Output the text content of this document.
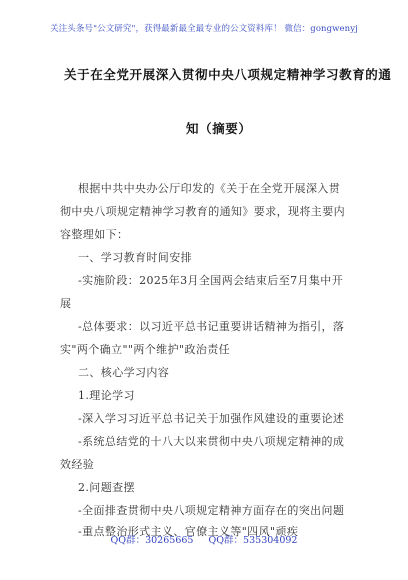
关注头条号"公文研究"，获得最新最全最专业的公文资料库！ 微信：gongwenyj
关于在全党开展深入贯彻中央八项规定精神学习教育的通
知（摘要）
根据中共中央办公厅印发的《关于在全党开展深入贯
彻中央八项规定精神学习教育的通知》要求，现将主要内
容整理如下：
一、学习教育时间安排
-实施阶段：2025年3月全国两会结束后至7月集中开
展
-总体要求：以习近平总书记重要讲话精神为指引，落
实"两个确立""两个维护"政治责任
二、核心学习内容
1.理论学习
-深入学习习近平总书记关于加强作风建设的重要论述
-系统总结党的十八大以来贯彻中央八项规定精神的成
效经验
2.问题查摆
-全面排查贯彻中央八项规定精神方面存在的突出问题
-重点整治形式主义、官僚主义等"四风"顽疾
QQ群：30265665 QQ群：535304092
